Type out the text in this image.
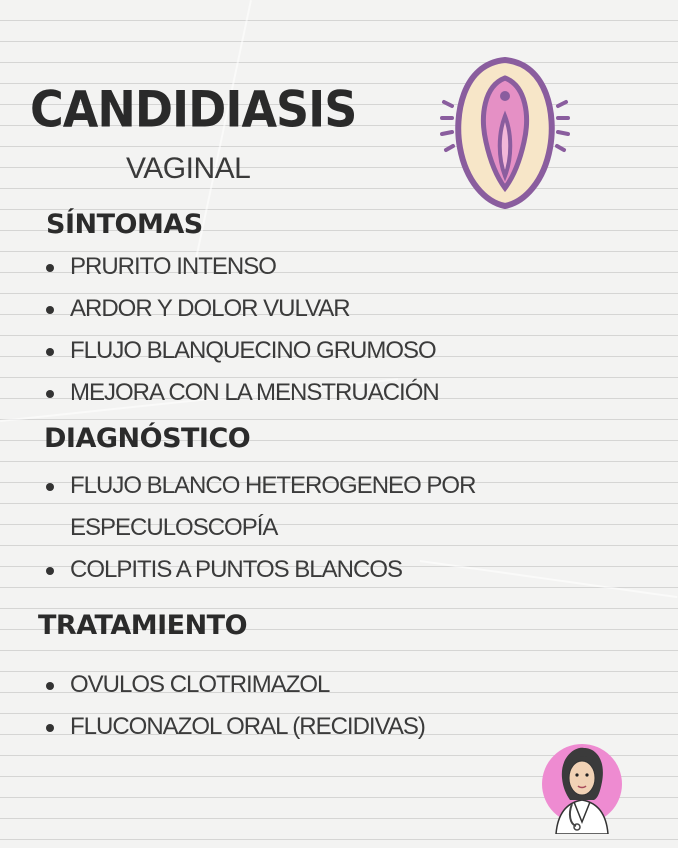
CANDIDIASIS
VAGINAL
SÍNTOMAS
PRURITO INTENSO
ARDOR Y DOLOR VULVAR
FLUJO BLANQUECINO GRUMOSO
MEJORA CON LA MENSTRUACIÓN
DIAGNÓSTICO
FLUJO BLANCO HETEROGENEO POR
ESPECULOSCOPÍA
COLPITIS A PUNTOS BLANCOS
TRATAMIENTO
OVULOS CLOTRIMAZOL
FLUCONAZOL ORAL (RECIDIVAS)
